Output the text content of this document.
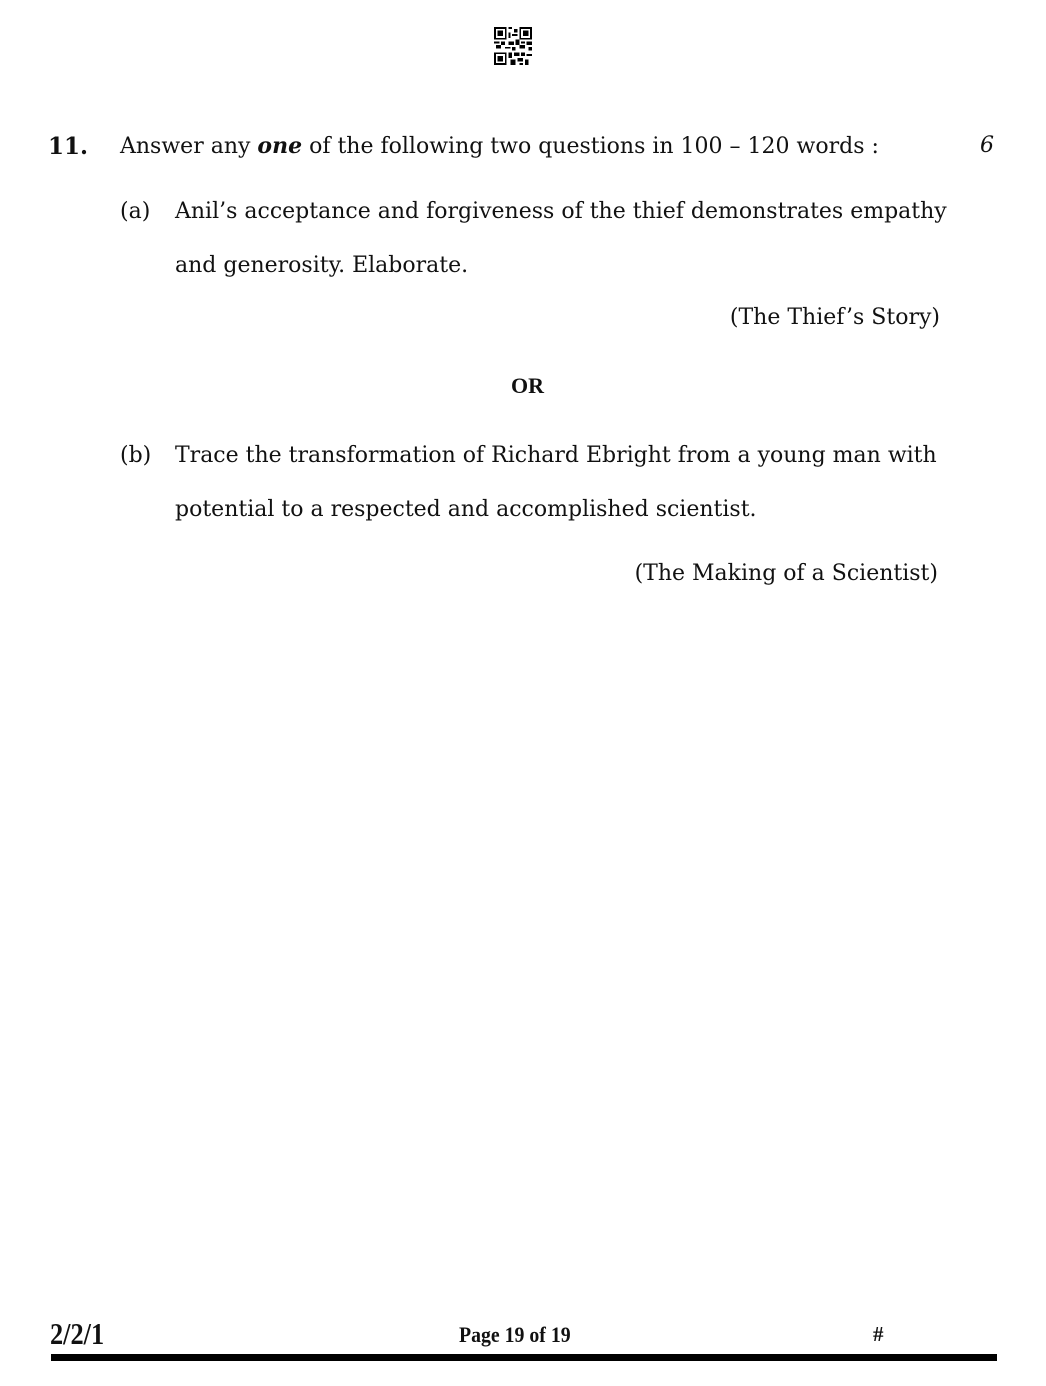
11. Answer any one of the following two questions in 100 – 120 words :	6
(a) Anil’s acceptance and forgiveness of the thief demonstrates empathy
and generosity. Elaborate.
(The Thief’s Story)
OR
(b) Trace the transformation of Richard Ebright from a young man with
potential to a respected and accomplished scientist.
(The Making of a Scientist)
2/2/1	Page 19 of 19	#
